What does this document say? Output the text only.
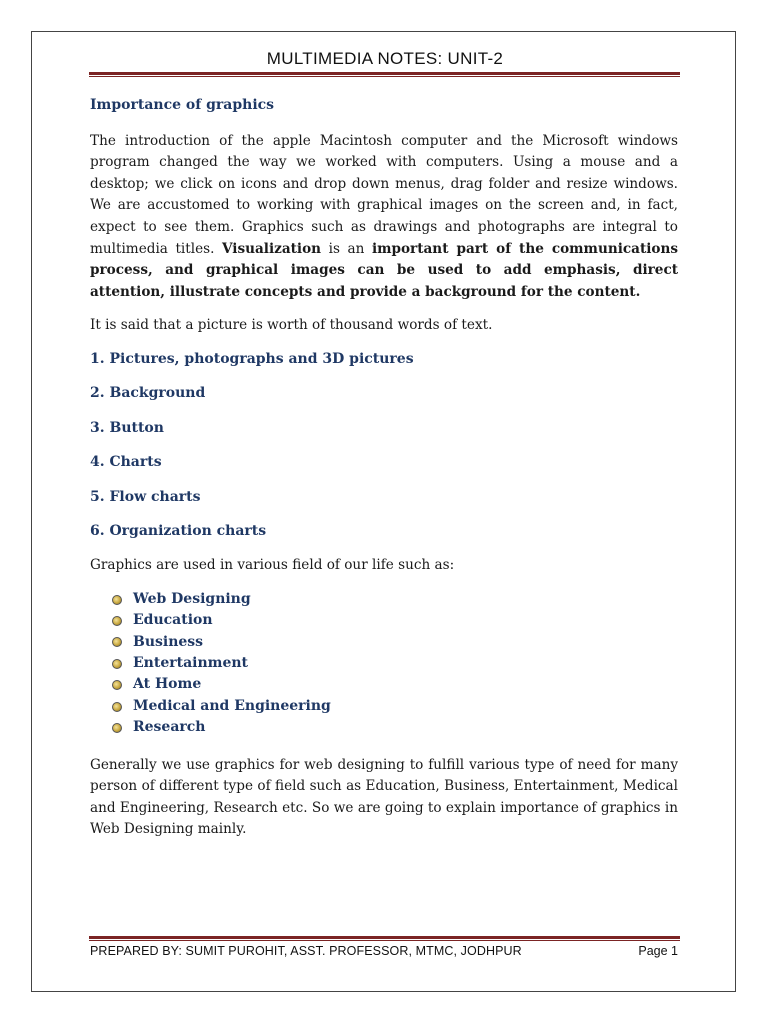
MULTIMEDIA NOTES: UNIT-2
Importance of graphics

The introduction of the apple Macintosh computer and the Microsoft windows program changed the way we worked with computers. Using a mouse and a desktop; we click on icons and drop down menus, drag folder and resize windows. We are accustomed to working with graphical images on the screen and, in fact, expect to see them. Graphics such as drawings and photographs are integral to multimedia titles. Visualization is an important part of the communications process, and graphical images can be used to add emphasis, direct attention, illustrate concepts and provide a background for the content.

It is said that a picture is worth of thousand words of text.

1. Pictures, photographs and 3D pictures
2. Background
3. Button
4. Charts
5. Flow charts
6. Organization charts

Graphics are used in various field of our life such as:

Web Designing
Education
Business
Entertainment
At Home
Medical and Engineering
Research

Generally we use graphics for web designing to fulfill various type of need for many person of different type of field such as Education, Business, Entertainment, Medical and Engineering, Research etc. So we are going to explain importance of graphics in Web Designing mainly.

PREPARED BY: SUMIT PUROHIT, ASST. PROFESSOR, MTMC, JODHPUR	Page 1
